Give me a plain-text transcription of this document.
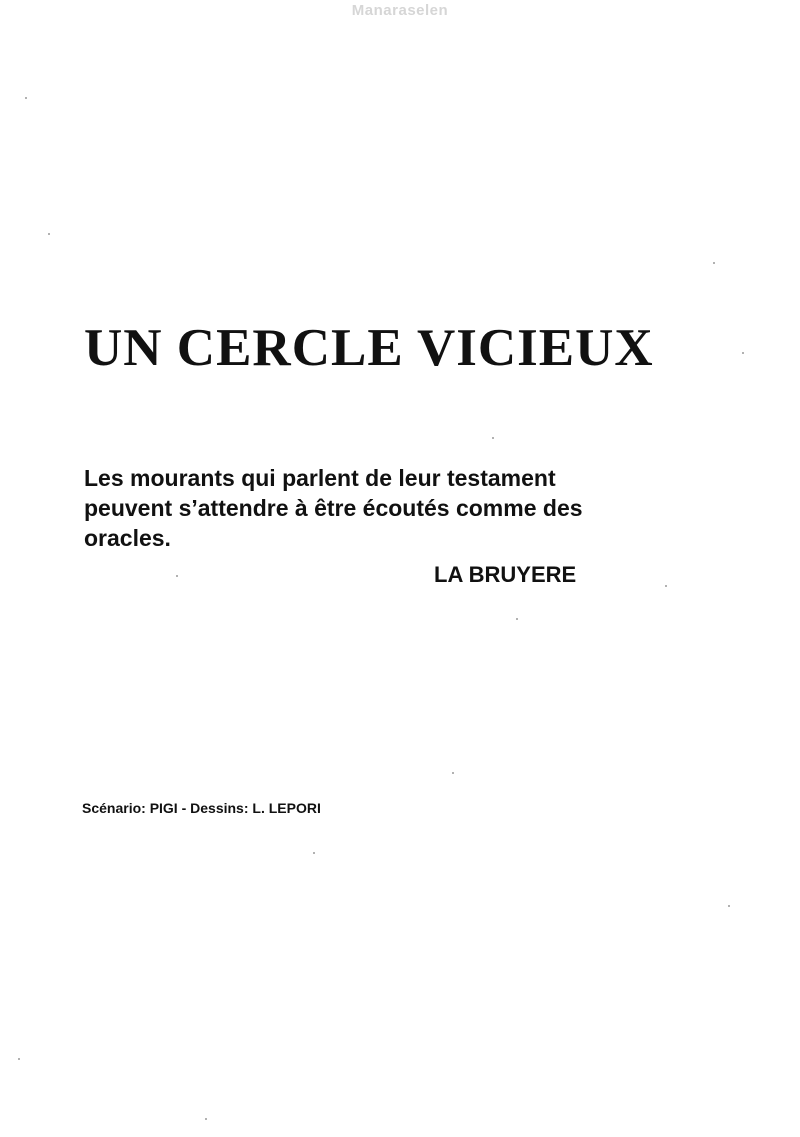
Manaraselen
UN CERCLE VICIEUX

Les mourants qui parlent de leur testament
peuvent s’attendre à être écoutés comme des
oracles.

LA BRUYERE

Scénario: PIGI - Dessins: L. LEPORI
